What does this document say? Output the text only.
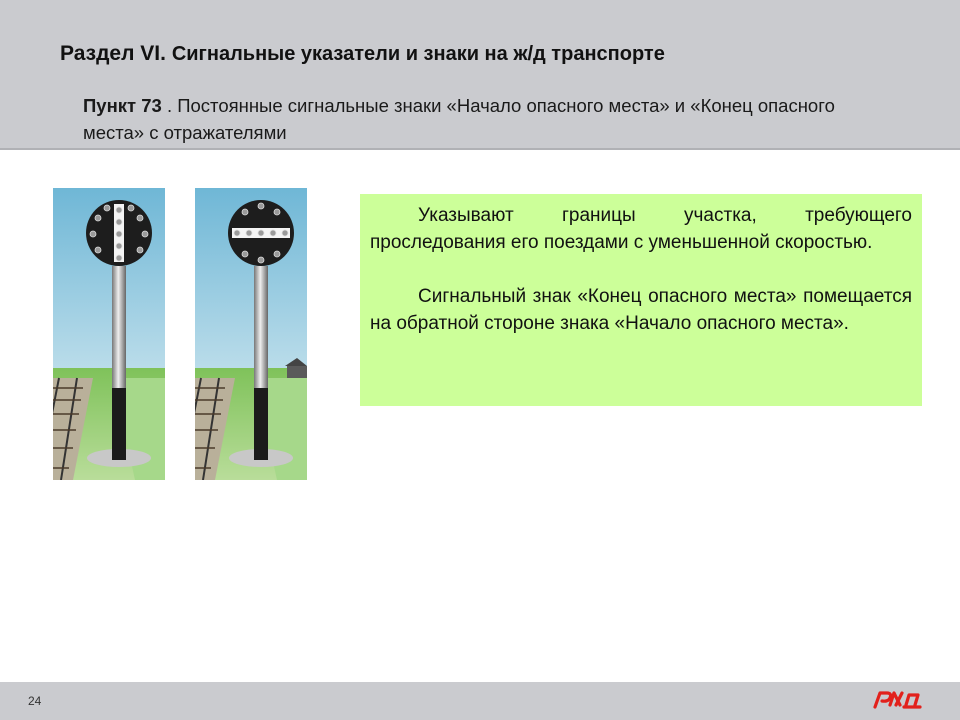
Раздел VI. Сигнальные указатели и знаки на ж/д транспорте
Пункт 73 . Постоянные сигнальные знаки «Начало опасного места» и «Конец опасного места» с отражателями

Указывают границы участка, требующего проследования его поездами с уменьшенной скоростью.

Сигнальный знак «Конец опасного места» помещается на обратной стороне знака «Начало опасного места».

24
